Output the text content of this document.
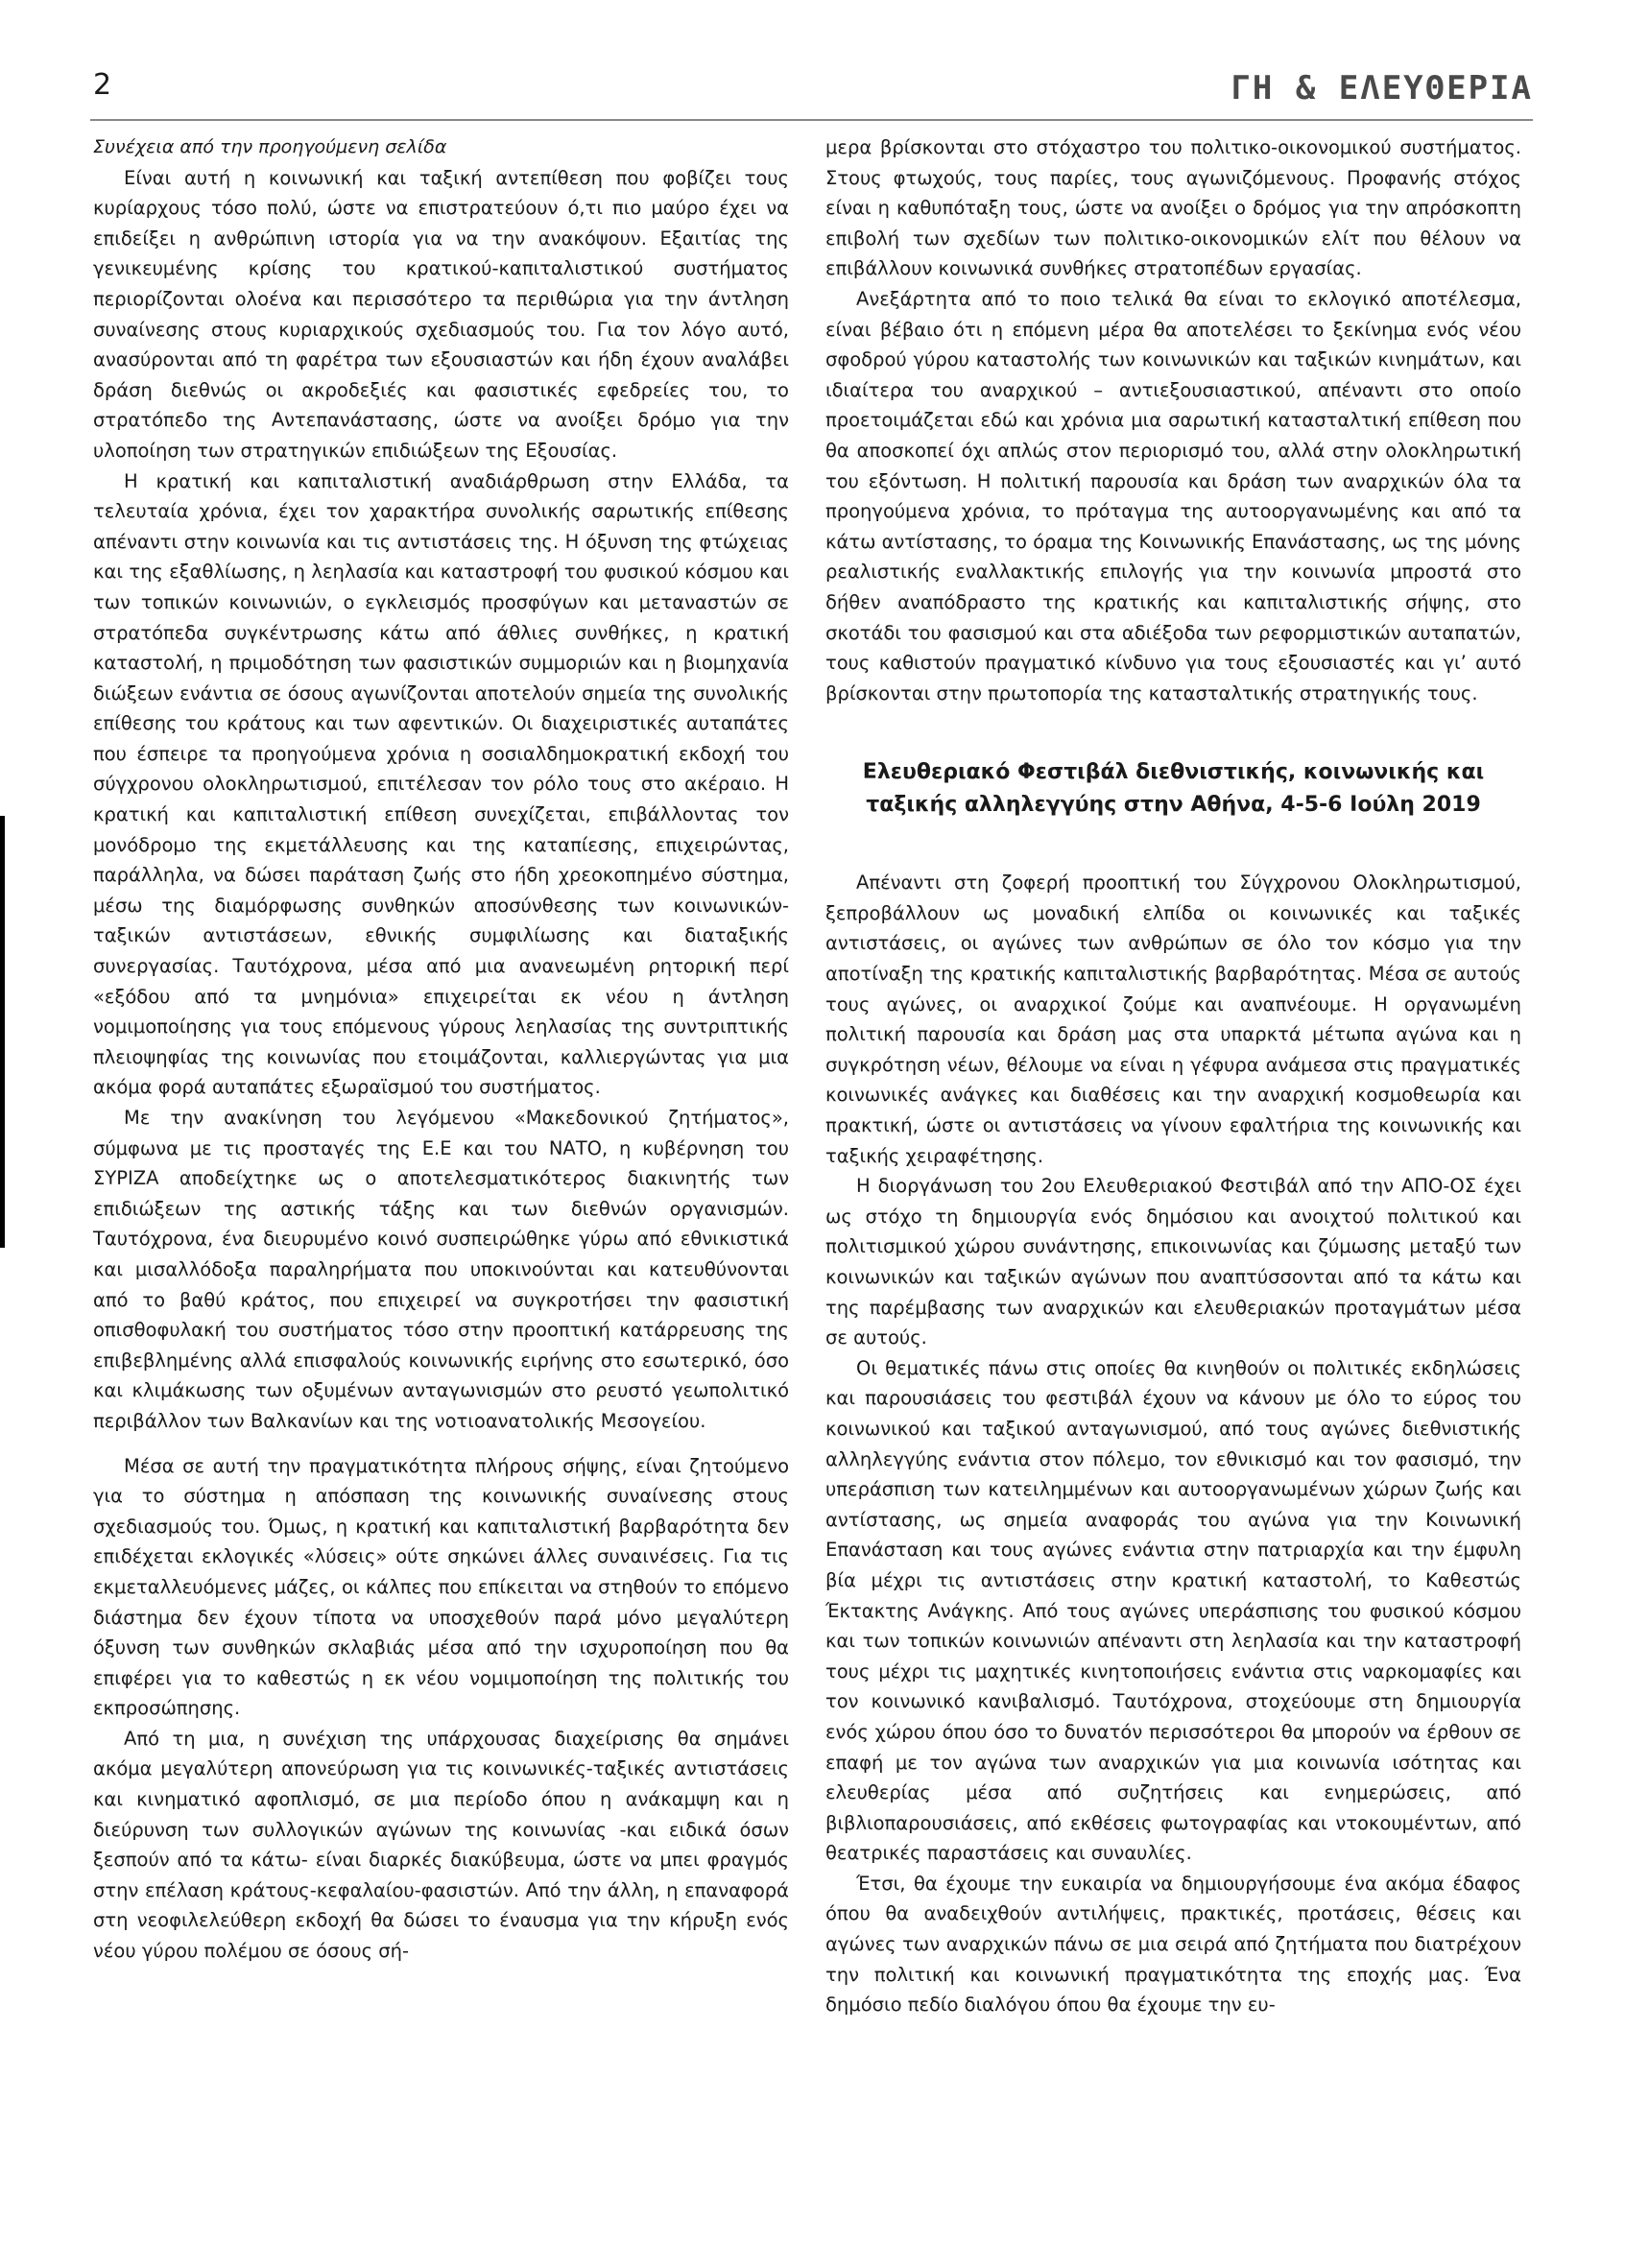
2	ΓΗ & ΕΛΕΥΘΕΡΙΑ

Συνέχεια από την προηγούμενη σελίδα

Είναι αυτή η κοινωνική και ταξική αντεπίθεση που φοβίζει τους κυρίαρχους τόσο πολύ, ώστε να επιστρατεύουν ό,τι πιο μαύρο έχει να επιδείξει η ανθρώπινη ιστορία για να την ανακόψουν. Εξαιτίας της γενικευμένης κρίσης του κρατικού-καπιταλιστικού συστήματος περιορίζονται ολοένα και περισσότερο τα περιθώρια για την άντληση συναίνεσης στους κυριαρχικούς σχεδιασμούς του. Για τον λόγο αυτό, ανασύρονται από τη φαρέτρα των εξουσιαστών και ήδη έχουν αναλάβει δράση διεθνώς οι ακροδεξιές και φασιστικές εφεδρείες του, το στρατόπεδο της Αντεπανάστασης, ώστε να ανοίξει δρόμο για την υλοποίηση των στρατηγικών επιδιώξεων της Εξουσίας.

Η κρατική και καπιταλιστική αναδιάρθρωση στην Ελλάδα, τα τελευταία χρόνια, έχει τον χαρακτήρα συνολικής σαρωτικής επίθεσης απέναντι στην κοινωνία και τις αντιστάσεις της. Η όξυνση της φτώχειας και της εξαθλίωσης, η λεηλασία και καταστροφή του φυσικού κόσμου και των τοπικών κοινωνιών, ο εγκλεισμός προσφύγων και μεταναστών σε στρατόπεδα συγκέντρωσης κάτω από άθλιες συνθήκες, η κρατική καταστολή, η πριμοδότηση των φασιστικών συμμοριών και η βιομηχανία διώξεων ενάντια σε όσους αγωνίζονται αποτελούν σημεία της συνολικής επίθεσης του κράτους και των αφεντικών. Οι διαχειριστικές αυταπάτες που έσπειρε τα προηγούμενα χρόνια η σοσιαλδημοκρατική εκδοχή του σύγχρονου ολοκληρωτισμού, επιτέλεσαν τον ρόλο τους στο ακέραιο. Η κρατική και καπιταλιστική επίθεση συνεχίζεται, επιβάλλοντας τον μονόδρομο της εκμετάλλευσης και της καταπίεσης, επιχειρώντας, παράλληλα, να δώσει παράταση ζωής στο ήδη χρεοκοπημένο σύστημα, μέσω της διαμόρφωσης συνθηκών αποσύνθεσης των κοινωνικών-ταξικών αντιστάσεων, εθνικής συμφιλίωσης και διαταξικής συνεργασίας. Ταυτόχρονα, μέσα από μια ανανεωμένη ρητορική περί «εξόδου από τα μνημόνια» επιχειρείται εκ νέου η άντληση νομιμοποίησης για τους επόμενους γύρους λεηλασίας της συντριπτικής πλειοψηφίας της κοινωνίας που ετοιμάζονται, καλλιεργώντας για μια ακόμα φορά αυταπάτες εξωραϊσμού του συστήματος.

Με την ανακίνηση του λεγόμενου «Μακεδονικού ζητήματος», σύμφωνα με τις προσταγές της Ε.Ε και του ΝΑΤΟ, η κυβέρνηση του ΣΥΡΙΖΑ αποδείχτηκε ως ο αποτελεσματικότερος διακινητής των επιδιώξεων της αστικής τάξης και των διεθνών οργανισμών. Ταυτόχρονα, ένα διευρυμένο κοινό συσπειρώθηκε γύρω από εθνικιστικά και μισαλλόδοξα παραληρήματα που υποκινούνται και κατευθύνονται από το βαθύ κράτος, που επιχειρεί να συγκροτήσει την φασιστική οπισθοφυλακή του συστήματος τόσο στην προοπτική κατάρρευσης της επιβεβλημένης αλλά επισφαλούς κοινωνικής ειρήνης στο εσωτερικό, όσο και κλιμάκωσης των οξυμένων ανταγωνισμών στο ρευστό γεωπολιτικό περιβάλλον των Βαλκανίων και της νοτιοανατολικής Μεσογείου.

Μέσα σε αυτή την πραγματικότητα πλήρους σήψης, είναι ζητούμενο για το σύστημα η απόσπαση της κοινωνικής συναίνεσης στους σχεδιασμούς του. Όμως, η κρατική και καπιταλιστική βαρβαρότητα δεν επιδέχεται εκλογικές «λύσεις» ούτε σηκώνει άλλες συναινέσεις. Για τις εκμεταλλευόμενες μάζες, οι κάλπες που επίκειται να στηθούν το επόμενο διάστημα δεν έχουν τίποτα να υποσχεθούν παρά μόνο μεγαλύτερη όξυνση των συνθηκών σκλαβιάς μέσα από την ισχυροποίηση που θα επιφέρει για το καθεστώς η εκ νέου νομιμοποίηση της πολιτικής του εκπροσώπησης.

Από τη μια, η συνέχιση της υπάρχουσας διαχείρισης θα σημάνει ακόμα μεγαλύτερη απονεύρωση για τις κοινωνικές-ταξικές αντιστάσεις και κινηματικό αφοπλισμό, σε μια περίοδο όπου η ανάκαμψη και η διεύρυνση των συλλογικών αγώνων της κοινωνίας -και ειδικά όσων ξεσπούν από τα κάτω- είναι διαρκές διακύβευμα, ώστε να μπει φραγμός στην επέλαση κράτους-κεφαλαίου-φασιστών. Από την άλλη, η επαναφορά στη νεοφιλελεύθερη εκδοχή θα δώσει το έναυσμα για την κήρυξη ενός νέου γύρου πολέμου σε όσους σή-

μερα βρίσκονται στο στόχαστρο του πολιτικο-οικονομικού συστήματος. Στους φτωχούς, τους παρίες, τους αγωνιζόμενους. Προφανής στόχος είναι η καθυπόταξη τους, ώστε να ανοίξει ο δρόμος για την απρόσκοπτη επιβολή των σχεδίων των πολιτικο-οικονομικών ελίτ που θέλουν να επιβάλλουν κοινωνικά συνθήκες στρατοπέδων εργασίας.

Ανεξάρτητα από το ποιο τελικά θα είναι το εκλογικό αποτέλεσμα, είναι βέβαιο ότι η επόμενη μέρα θα αποτελέσει το ξεκίνημα ενός νέου σφοδρού γύρου καταστολής των κοινωνικών και ταξικών κινημάτων, και ιδιαίτερα του αναρχικού – αντιεξουσιαστικού, απέναντι στο οποίο προετοιμάζεται εδώ και χρόνια μια σαρωτική κατασταλτική επίθεση που θα αποσκοπεί όχι απλώς στον περιορισμό του, αλλά στην ολοκληρωτική του εξόντωση. Η πολιτική παρουσία και δράση των αναρχικών όλα τα προηγούμενα χρόνια, το πρόταγμα της αυτοοργανωμένης και από τα κάτω αντίστασης, το όραμα της Κοινωνικής Επανάστασης, ως της μόνης ρεαλιστικής εναλλακτικής επιλογής για την κοινωνία μπροστά στο δήθεν αναπόδραστο της κρατικής και καπιταλιστικής σήψης, στο σκοτάδι του φασισμού και στα αδιέξοδα των ρεφορμιστικών αυταπατών, τους καθιστούν πραγματικό κίνδυνο για τους εξουσιαστές και γι’ αυτό βρίσκονται στην πρωτοπορία της κατασταλτικής στρατηγικής τους.

Ελευθεριακό Φεστιβάλ διεθνιστικής, κοινωνικής και ταξικής αλληλεγγύης στην Αθήνα, 4-5-6 Ιούλη 2019

Απέναντι στη ζοφερή προοπτική του Σύγχρονου Ολοκληρωτισμού, ξεπροβάλλουν ως μοναδική ελπίδα οι κοινωνικές και ταξικές αντιστάσεις, οι αγώνες των ανθρώπων σε όλο τον κόσμο για την αποτίναξη της κρατικής καπιταλιστικής βαρβαρότητας. Μέσα σε αυτούς τους αγώνες, οι αναρχικοί ζούμε και αναπνέουμε. Η οργανωμένη πολιτική παρουσία και δράση μας στα υπαρκτά μέτωπα αγώνα και η συγκρότηση νέων, θέλουμε να είναι η γέφυρα ανάμεσα στις πραγματικές κοινωνικές ανάγκες και διαθέσεις και την αναρχική κοσμοθεωρία και πρακτική, ώστε οι αντιστάσεις να γίνουν εφαλτήρια της κοινωνικής και ταξικής χειραφέτησης.

Η διοργάνωση του 2ου Ελευθεριακού Φεστιβάλ από την ΑΠΟ-ΟΣ έχει ως στόχο τη δημιουργία ενός δημόσιου και ανοιχτού πολιτικού και πολιτισμικού χώρου συνάντησης, επικοινωνίας και ζύμωσης μεταξύ των κοινωνικών και ταξικών αγώνων που αναπτύσσονται από τα κάτω και της παρέμβασης των αναρχικών και ελευθεριακών προταγμάτων μέσα σε αυτούς.

Οι θεματικές πάνω στις οποίες θα κινηθούν οι πολιτικές εκδηλώσεις και παρουσιάσεις του φεστιβάλ έχουν να κάνουν με όλο το εύρος του κοινωνικού και ταξικού ανταγωνισμού, από τους αγώνες διεθνιστικής αλληλεγγύης ενάντια στον πόλεμο, τον εθνικισμό και τον φασισμό, την υπεράσπιση των κατειλημμένων και αυτοοργανωμένων χώρων ζωής και αντίστασης, ως σημεία αναφοράς του αγώνα για την Κοινωνική Επανάσταση και τους αγώνες ενάντια στην πατριαρχία και την έμφυλη βία μέχρι τις αντιστάσεις στην κρατική καταστολή, το Καθεστώς Έκτακτης Ανάγκης. Από τους αγώνες υπεράσπισης του φυσικού κόσμου και των τοπικών κοινωνιών απέναντι στη λεηλασία και την καταστροφή τους μέχρι τις μαχητικές κινητοποιήσεις ενάντια στις ναρκομαφίες και τον κοινωνικό κανιβαλισμό. Ταυτόχρονα, στοχεύουμε στη δημιουργία ενός χώρου όπου όσο το δυνατόν περισσότεροι θα μπορούν να έρθουν σε επαφή με τον αγώνα των αναρχικών για μια κοινωνία ισότητας και ελευθερίας μέσα από συζητήσεις και ενημερώσεις, από βιβλιοπαρουσιάσεις, από εκθέσεις φωτογραφίας και ντοκουμέντων, από θεατρικές παραστάσεις και συναυλίες.

Έτσι, θα έχουμε την ευκαιρία να δημιουργήσουμε ένα ακόμα έδαφος όπου θα αναδειχθούν αντιλήψεις, πρακτικές, προτάσεις, θέσεις και αγώνες των αναρχικών πάνω σε μια σειρά από ζητήματα που διατρέχουν την πολιτική και κοινωνική πραγματικότητα της εποχής μας. Ένα δημόσιο πεδίο διαλόγου όπου θα έχουμε την ευ-
